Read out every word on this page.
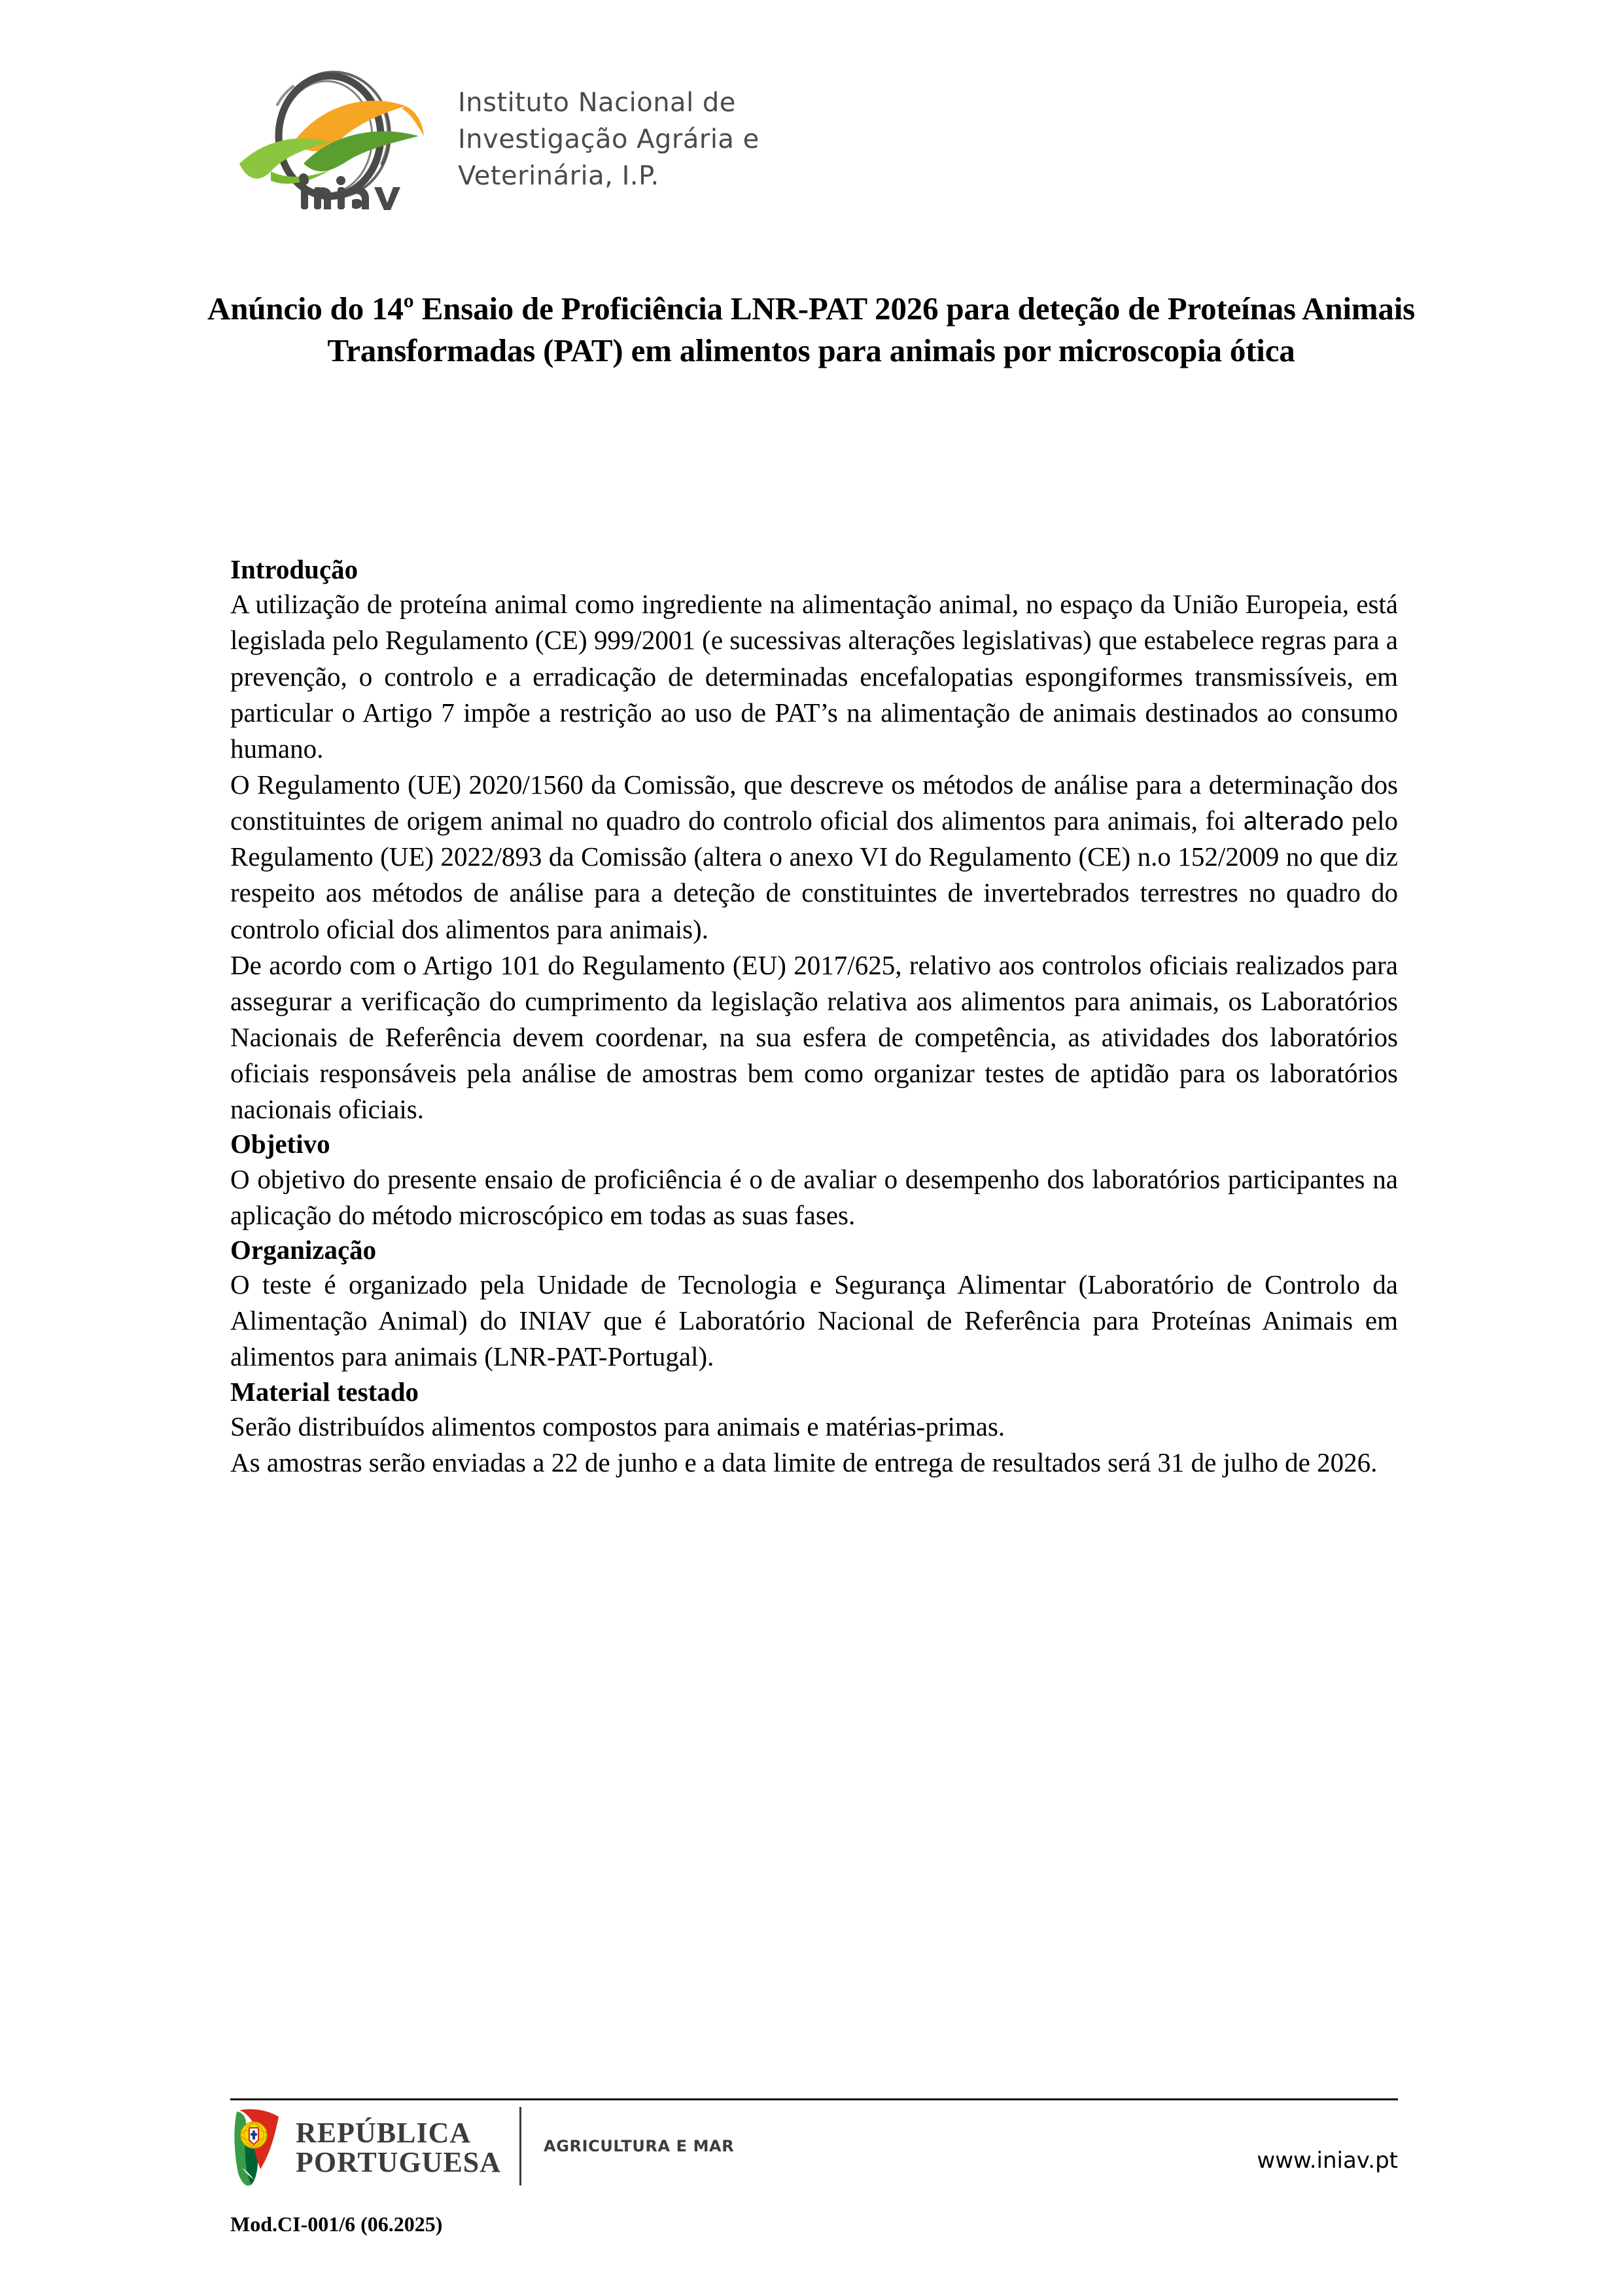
Instituto Nacional de
Investigação Agrária e
Veterinária, I.P.
Anúncio do 14º Ensaio de Proficiência LNR-PAT 2026 para deteção de Proteínas Animais Transformadas (PAT) em alimentos para animais por microscopia ótica
Introdução

A utilização de proteína animal como ingrediente na alimentação animal, no espaço da União Europeia, está legislada pelo Regulamento (CE) 999/2001 (e sucessivas alterações legislativas) que estabelece regras para a prevenção, o controlo e a erradicação de determinadas encefalopatias espongiformes transmissíveis, em particular o Artigo 7 impõe a restrição ao uso de PAT’s na alimentação de animais destinados ao consumo humano.

O Regulamento (UE) 2020/1560 da Comissão, que descreve os métodos de análise para a determinação dos constituintes de origem animal no quadro do controlo oficial dos alimentos para animais, foi alterado pelo Regulamento (UE) 2022/893 da Comissão (altera o anexo VI do Regulamento (CE) n.o 152/2009 no que diz respeito aos métodos de análise para a deteção de constituintes de invertebrados terrestres no quadro do controlo oficial dos alimentos para animais).

De acordo com o Artigo 101 do Regulamento (EU) 2017/625, relativo aos controlos oficiais realizados para assegurar a verificação do cumprimento da legislação relativa aos alimentos para animais, os Laboratórios Nacionais de Referência devem coordenar, na sua esfera de competência, as atividades dos laboratórios oficiais responsáveis pela análise de amostras bem como organizar testes de aptidão para os laboratórios nacionais oficiais.

Objetivo

O objetivo do presente ensaio de proficiência é o de avaliar o desempenho dos laboratórios participantes na aplicação do método microscópico em todas as suas fases.

Organização

O teste é organizado pela Unidade de Tecnologia e Segurança Alimentar (Laboratório de Controlo da Alimentação Animal) do INIAV que é Laboratório Nacional de Referência para Proteínas Animais em alimentos para animais (LNR-PAT-Portugal).

Material testado

Serão distribuídos alimentos compostos para animais e matérias-primas.

As amostras serão enviadas a 22 de junho e a data limite de entrega de resultados será 31 de julho de 2026.

REPÚBLICA
PORTUGUESA	AGRICULTURA E MAR
www.iniav.pt
Mod.CI-001/6 (06.2025)
